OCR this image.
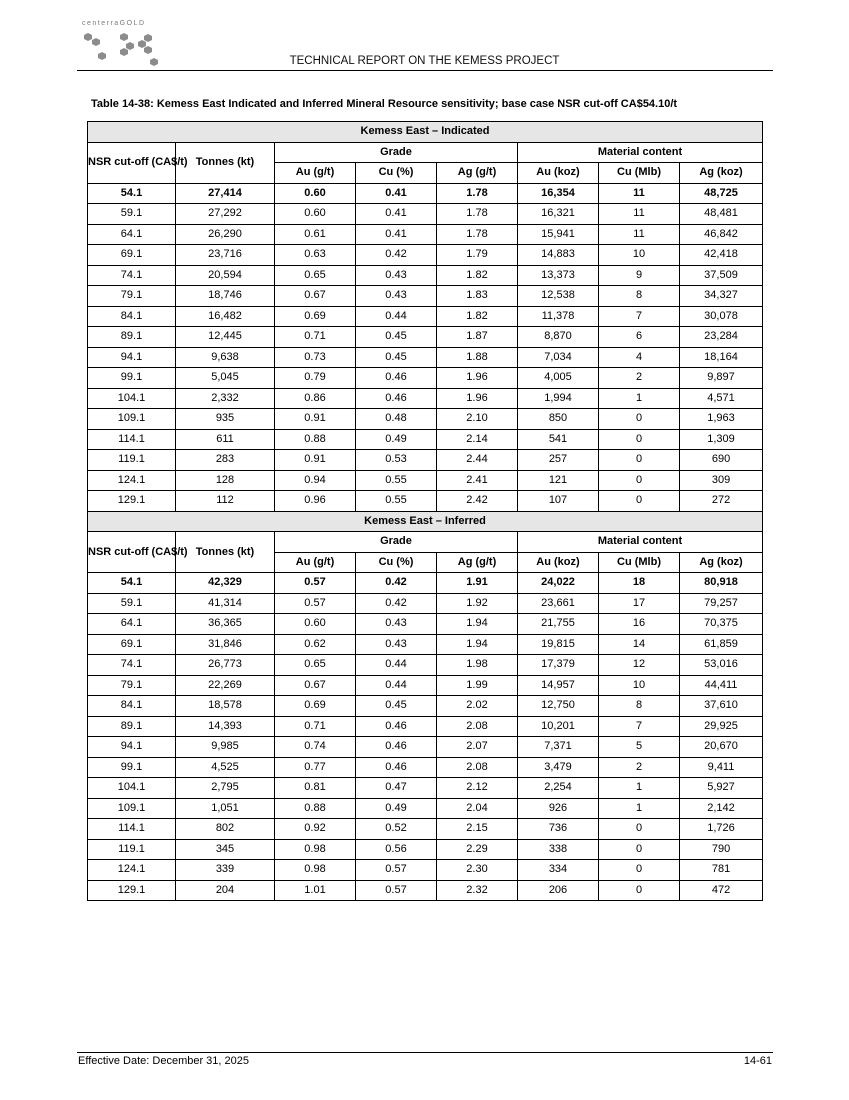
centerraGOLD
TECHNICAL REPORT ON THE KEMESS PROJECT
Table 14-38: Kemess East Indicated and Inferred Mineral Resource sensitivity; base case NSR cut-off CA$54.10/t
Kemess East – Indicated							
NSR cut-off (CA$/t)	Tonnes (kt)	Grade			Material content		
		Au (g/t)	Cu (%)	Ag (g/t)	Au (koz)	Cu (Mlb)	Ag (koz)
54.1	27,414	0.60	0.41	1.78	16,354	11	48,725
59.1	27,292	0.60	0.41	1.78	16,321	11	48,481
64.1	26,290	0.61	0.41	1.78	15,941	11	46,842
69.1	23,716	0.63	0.42	1.79	14,883	10	42,418
74.1	20,594	0.65	0.43	1.82	13,373	9	37,509
79.1	18,746	0.67	0.43	1.83	12,538	8	34,327
84.1	16,482	0.69	0.44	1.82	11,378	7	30,078
89.1	12,445	0.71	0.45	1.87	8,870	6	23,284
94.1	9,638	0.73	0.45	1.88	7,034	4	18,164
99.1	5,045	0.79	0.46	1.96	4,005	2	9,897
104.1	2,332	0.86	0.46	1.96	1,994	1	4,571
109.1	935	0.91	0.48	2.10	850	0	1,963
114.1	611	0.88	0.49	2.14	541	0	1,309
119.1	283	0.91	0.53	2.44	257	0	690
124.1	128	0.94	0.55	2.41	121	0	309
129.1	112	0.96	0.55	2.42	107	0	272
Kemess East – Inferred							
NSR cut-off (CA$/t)	Tonnes (kt)	Grade			Material content		
		Au (g/t)	Cu (%)	Ag (g/t)	Au (koz)	Cu (Mlb)	Ag (koz)
54.1	42,329	0.57	0.42	1.91	24,022	18	80,918
59.1	41,314	0.57	0.42	1.92	23,661	17	79,257
64.1	36,365	0.60	0.43	1.94	21,755	16	70,375
69.1	31,846	0.62	0.43	1.94	19,815	14	61,859
74.1	26,773	0.65	0.44	1.98	17,379	12	53,016
79.1	22,269	0.67	0.44	1.99	14,957	10	44,411
84.1	18,578	0.69	0.45	2.02	12,750	8	37,610
89.1	14,393	0.71	0.46	2.08	10,201	7	29,925
94.1	9,985	0.74	0.46	2.07	7,371	5	20,670
99.1	4,525	0.77	0.46	2.08	3,479	2	9,411
104.1	2,795	0.81	0.47	2.12	2,254	1	5,927
109.1	1,051	0.88	0.49	2.04	926	1	2,142
114.1	802	0.92	0.52	2.15	736	0	1,726
119.1	345	0.98	0.56	2.29	338	0	790
124.1	339	0.98	0.57	2.30	334	0	781
129.1	204	1.01	0.57	2.32	206	0	472
Effective Date: December 31, 2025	14-61
